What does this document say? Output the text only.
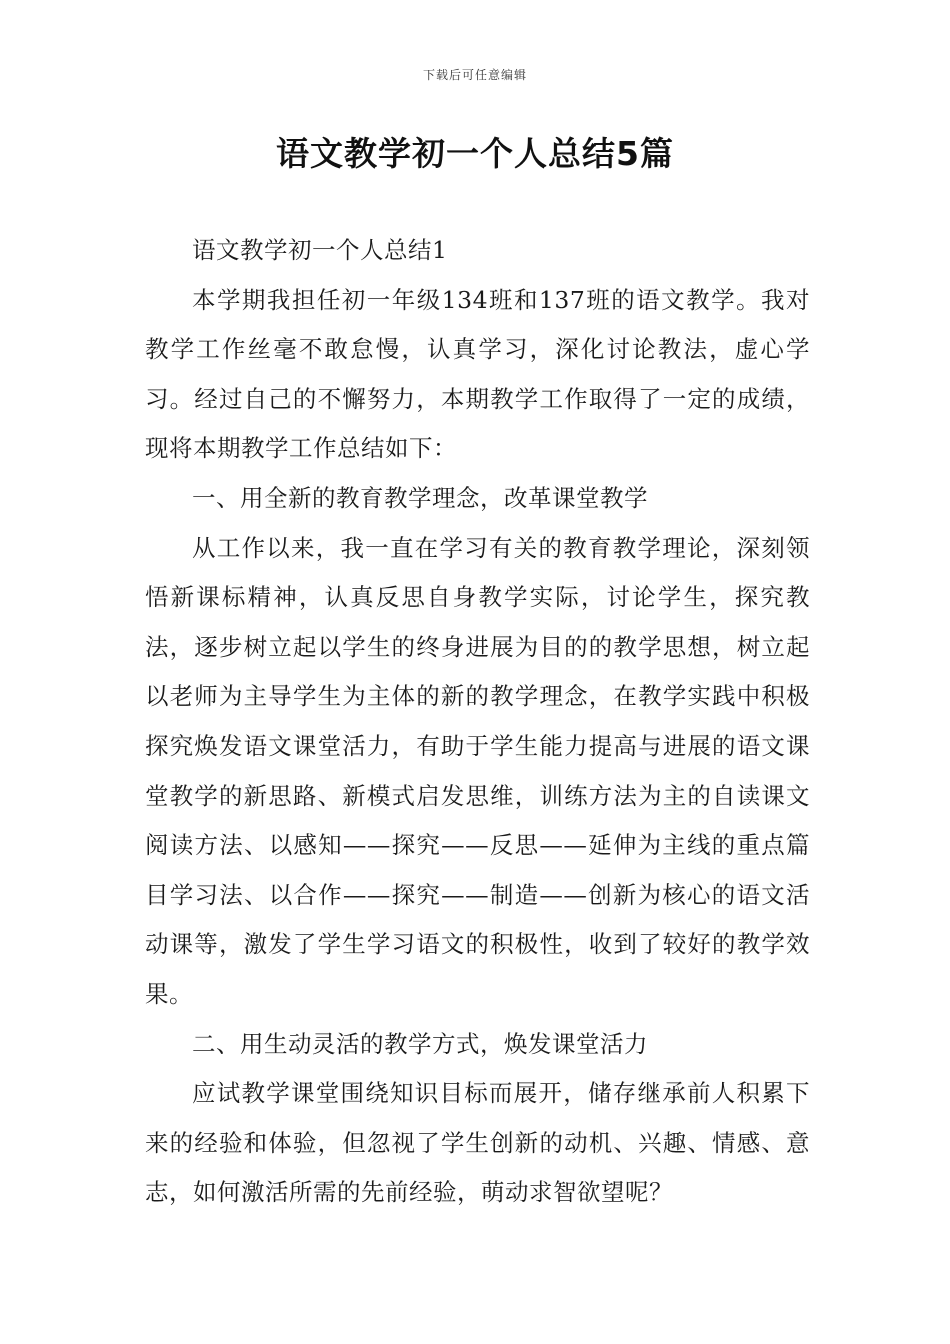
下载后可任意编辑
语文教学初一个人总结5篇

语文教学初一个人总结1

本学期我担任初一年级134班和137班的语文教学。我对教学工作丝毫不敢怠慢，认真学习，深化讨论教法，虚心学习。经过自己的不懈努力，本期教学工作取得了一定的成绩，现将本期教学工作总结如下：

一、用全新的教育教学理念，改革课堂教学

从工作以来，我一直在学习有关的教育教学理论，深刻领悟新课标精神，认真反思自身教学实际，讨论学生，探究教法，逐步树立起以学生的终身进展为目的的教学思想，树立起以老师为主导学生为主体的新的教学理念，在教学实践中积极探究焕发语文课堂活力，有助于学生能力提高与进展的语文课堂教学的新思路、新模式启发思维，训练方法为主的自读课文阅读方法、以感知——探究——反思——延伸为主线的重点篇目学习法、以合作——探究——制造——创新为核心的语文活动课等，激发了学生学习语文的积极性，收到了较好的教学效果。

二、用生动灵活的教学方式，焕发课堂活力

应试教学课堂围绕知识目标而展开，储存继承前人积累下来的经验和体验，但忽视了学生创新的动机、兴趣、情感、意志，如何激活所需的先前经验，萌动求智欲望呢？
